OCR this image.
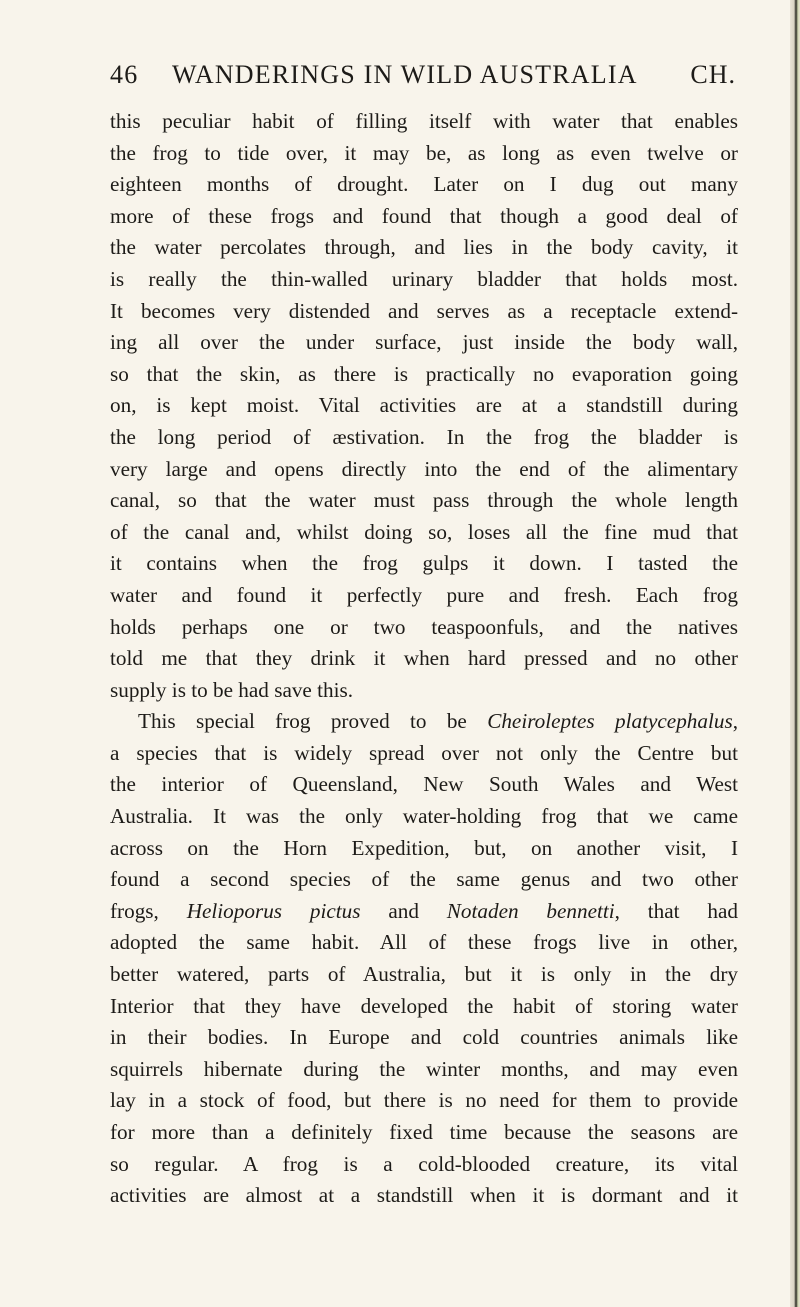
46 WANDERINGS IN WILD AUSTRALIA CH.
this peculiar habit of filling itself with water that enables
the frog to tide over, it may be, as long as even twelve or
eighteen months of drought. Later on I dug out many
more of these frogs and found that though a good deal of
the water percolates through, and lies in the body cavity, it
is really the thin-walled urinary bladder that holds most.
It becomes very distended and serves as a receptacle extend-
ing all over the under surface, just inside the body wall,
so that the skin, as there is practically no evaporation going
on, is kept moist. Vital activities are at a standstill during
the long period of æstivation. In the frog the bladder is
very large and opens directly into the end of the alimentary
canal, so that the water must pass through the whole length
of the canal and, whilst doing so, loses all the fine mud that
it contains when the frog gulps it down. I tasted the
water and found it perfectly pure and fresh. Each frog
holds perhaps one or two teaspoonfuls, and the natives
told me that they drink it when hard pressed and no other
supply is to be had save this.
This special frog proved to be Cheiroleptes platycephalus,
a species that is widely spread over not only the Centre but
the interior of Queensland, New South Wales and West
Australia. It was the only water-holding frog that we came
across on the Horn Expedition, but, on another visit, I
found a second species of the same genus and two other
frogs, Helioporus pictus and Notaden bennetti, that had
adopted the same habit. All of these frogs live in other,
better watered, parts of Australia, but it is only in the dry
Interior that they have developed the habit of storing water
in their bodies. In Europe and cold countries animals like
squirrels hibernate during the winter months, and may even
lay in a stock of food, but there is no need for them to provide
for more than a definitely fixed time because the seasons are
so regular. A frog is a cold-blooded creature, its vital
activities are almost at a standstill when it is dormant and it
